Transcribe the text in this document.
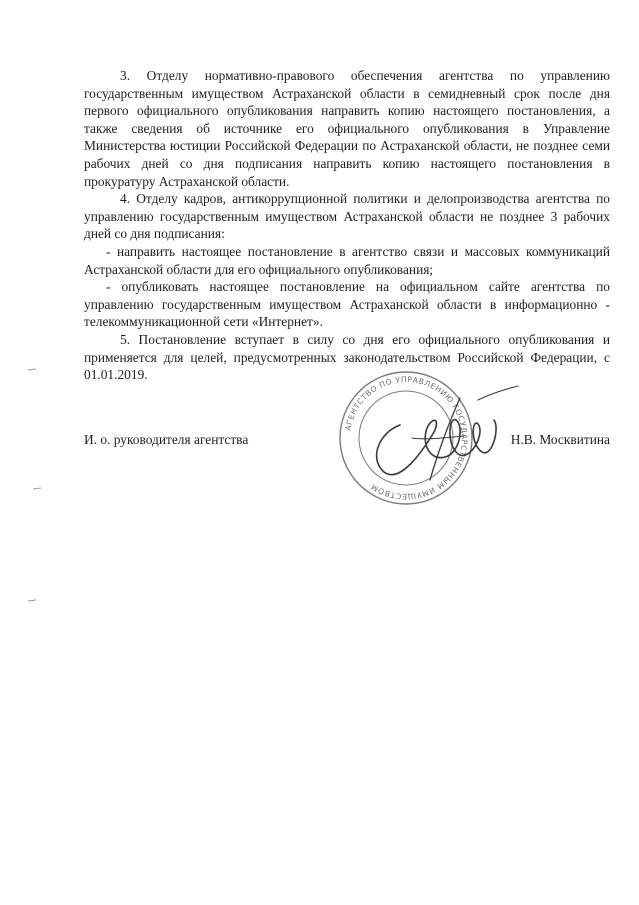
3. Отделу нормативно-правового обеспечения агентства по управлению государственным имуществом Астраханской области в семидневный срок после дня первого официального опубликования направить копию настоящего постановления, а также сведения об источнике его официального опубликования в Управление Министерства юстиции Российской Федерации по Астраханской области, не позднее семи рабочих дней со дня подписания направить копию настоящего постановления в прокуратуру Астраханской области.

4. Отделу кадров, антикоррупционной политики и делопроизводства агентства по управлению государственным имуществом Астраханской области не позднее 3 рабочих дней со дня подписания:

- направить настоящее постановление в агентство связи и массовых коммуникаций Астраханской области для его официального опубликования;

- опубликовать настоящее постановление на официальном сайте агентства по управлению государственным имуществом Астраханской области в информационно - телекоммуникационной сети «Интернет».

5. Постановление вступает в силу со дня его официального опубликования и применяется для целей, предусмотренных законодательством Российской Федерации, с 01.01.2019.

АГЕНТСТВО ПО УПРАВЛЕНИЮ ГОСУДАРСТВЕННЫМ ИМУЩЕСТВОМ
И. о. руководителя агентства	Н.В. Москвитина
